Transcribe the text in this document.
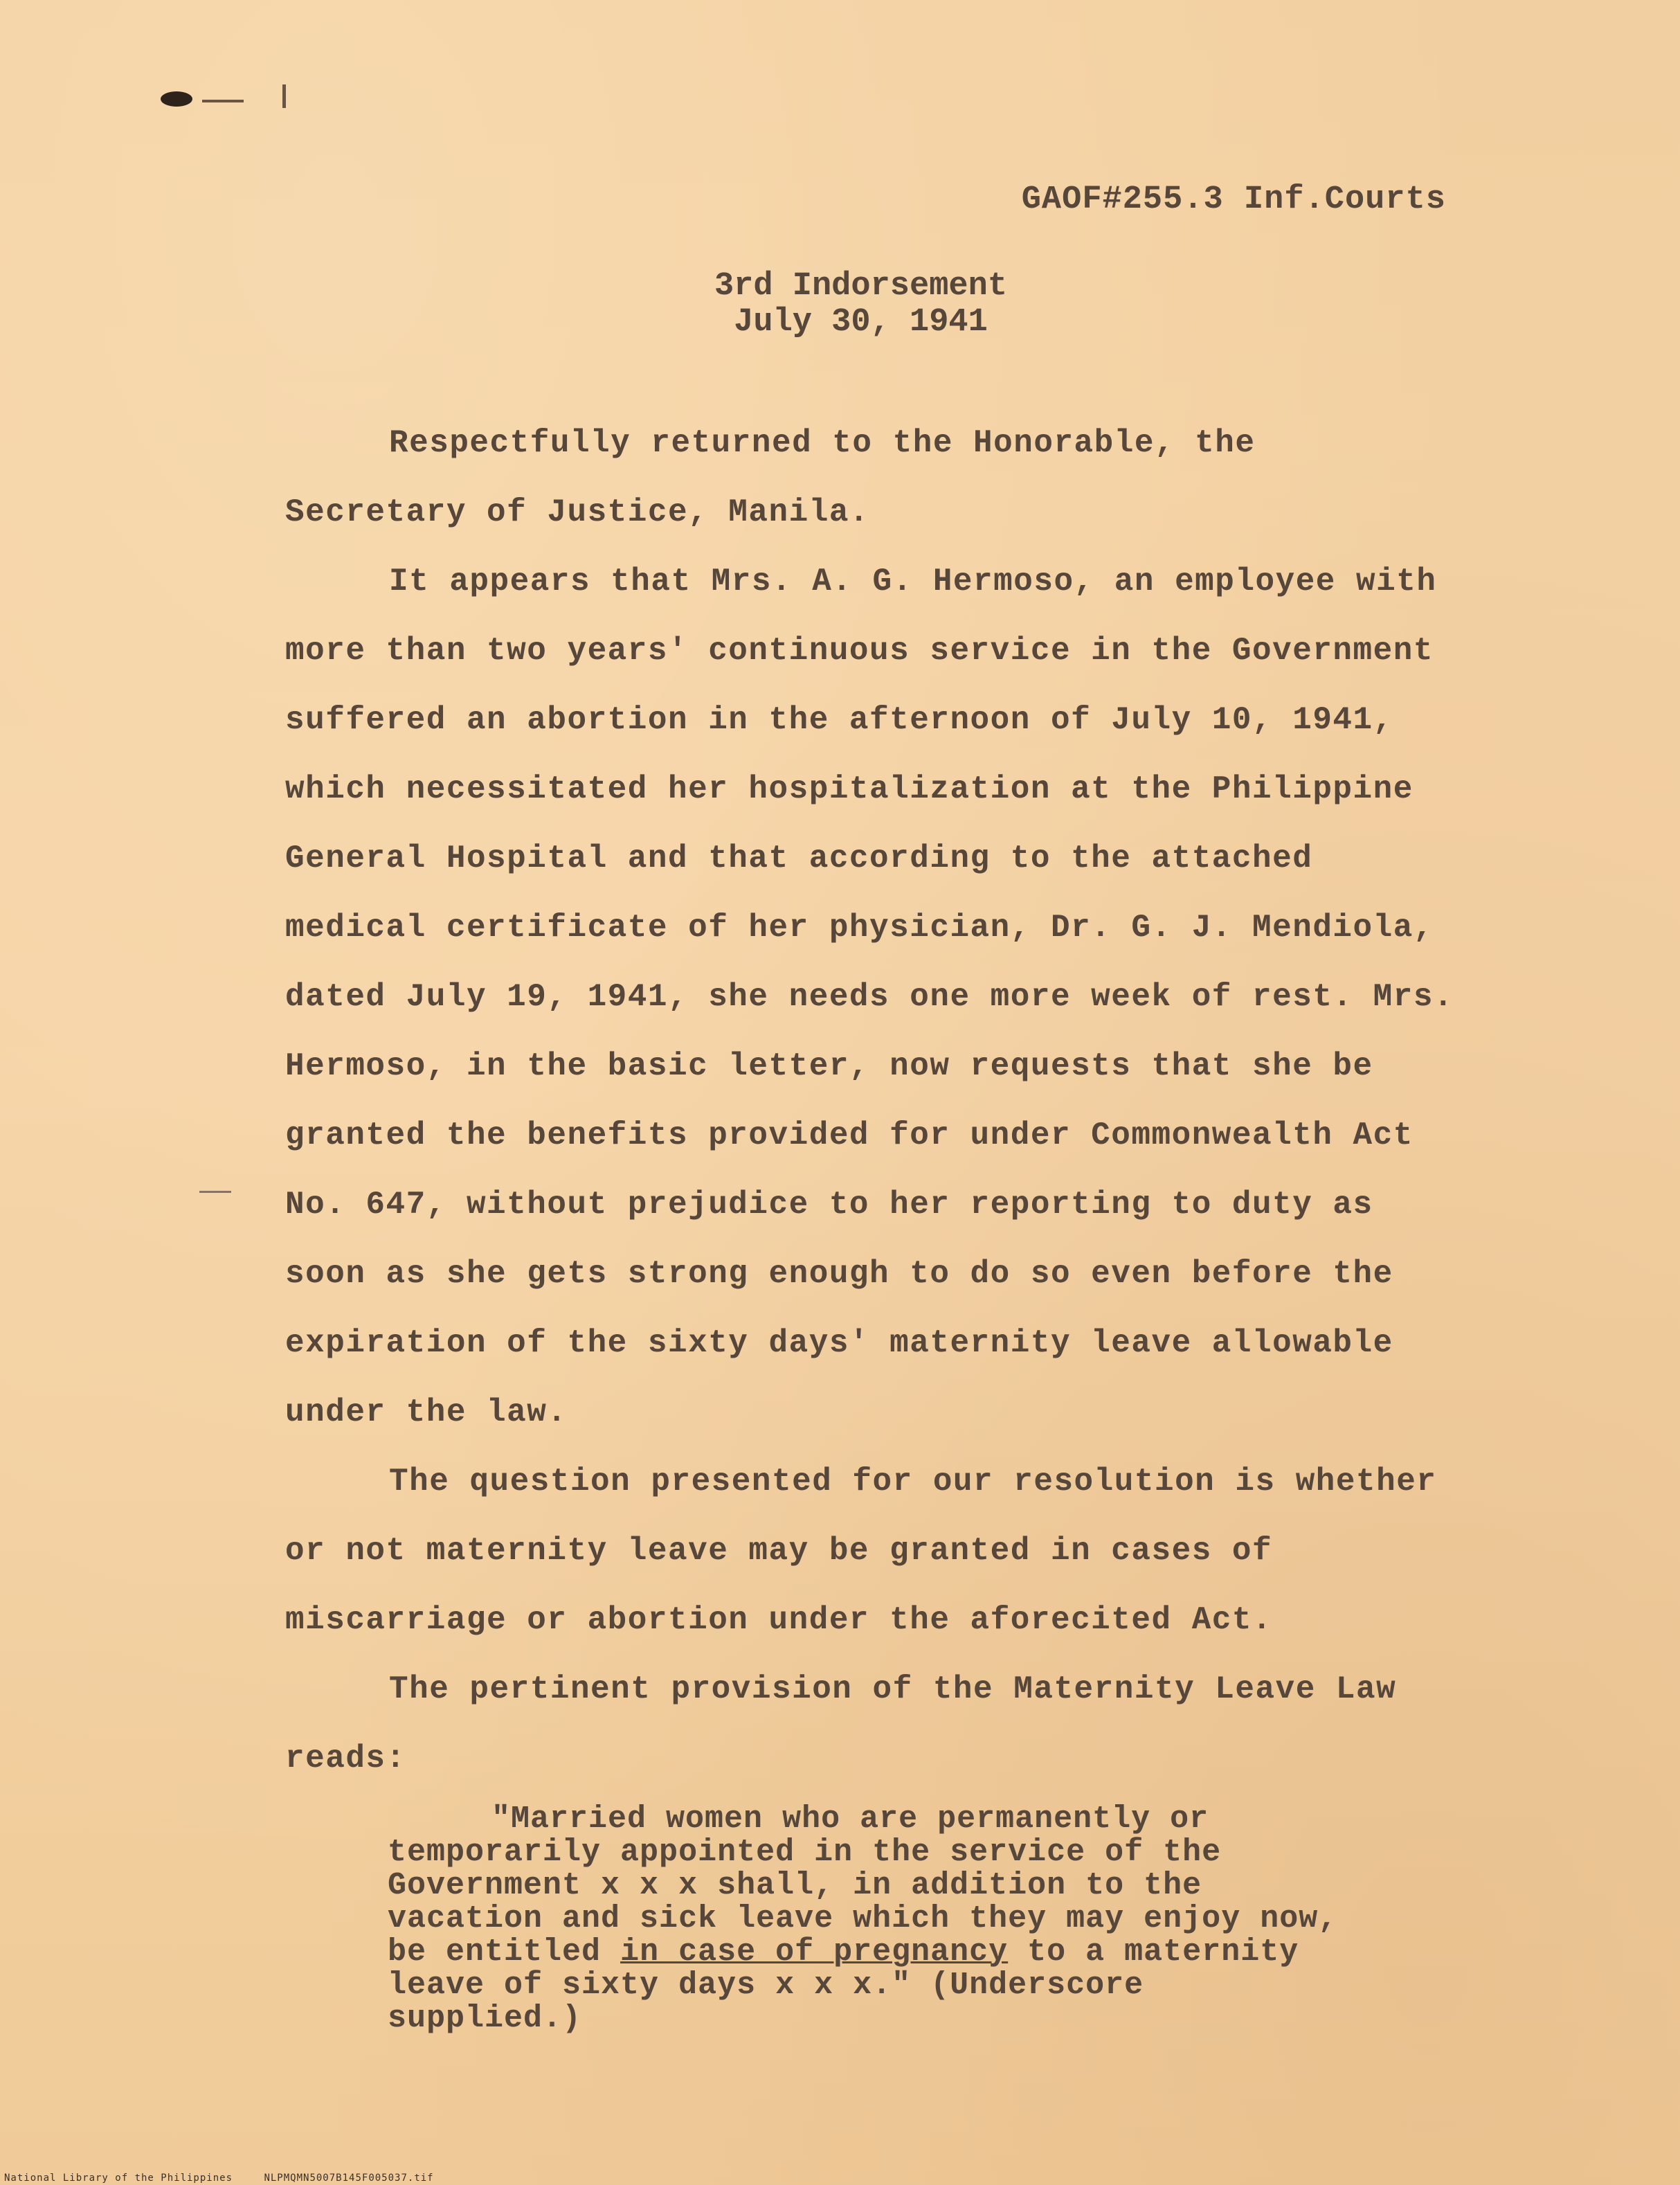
GAOF#255.3 Inf.Courts
3rd Indorsement
July 30, 1941

Respectfully returned to the Honorable, the Secretary of Justice, Manila.

It appears that Mrs. A. G. Hermoso, an employee with more than two years' continuous service in the Government suffered an abortion in the afternoon of July 10, 1941, which necessitated her hospitalization at the Philippine General Hospital and that according to the attached medical certificate of her physician, Dr. G. J. Mendiola, dated July 19, 1941, she needs one more week of rest. Mrs. Hermoso, in the basic letter, now requests that she be granted the benefits provided for under Commonwealth Act No. 647, without prejudice to her reporting to duty as soon as she gets strong enough to do so even before the expiration of the sixty days' maternity leave allowable under the law.

The question presented for our resolution is whether or not maternity leave may be granted in cases of miscarriage or abortion under the aforecited Act.

The pertinent provision of the Maternity Leave Law reads:

"Married women who are permanently or temporarily appointed in the service of the Government x x x shall, in addition to the vacation and sick leave which they may enjoy now, be entitled in case of pregnancy to a maternity leave of sixty days x x x." (Underscore supplied.)

National Library of the Philippines	NLPMQMN5007B145F005037.tif
